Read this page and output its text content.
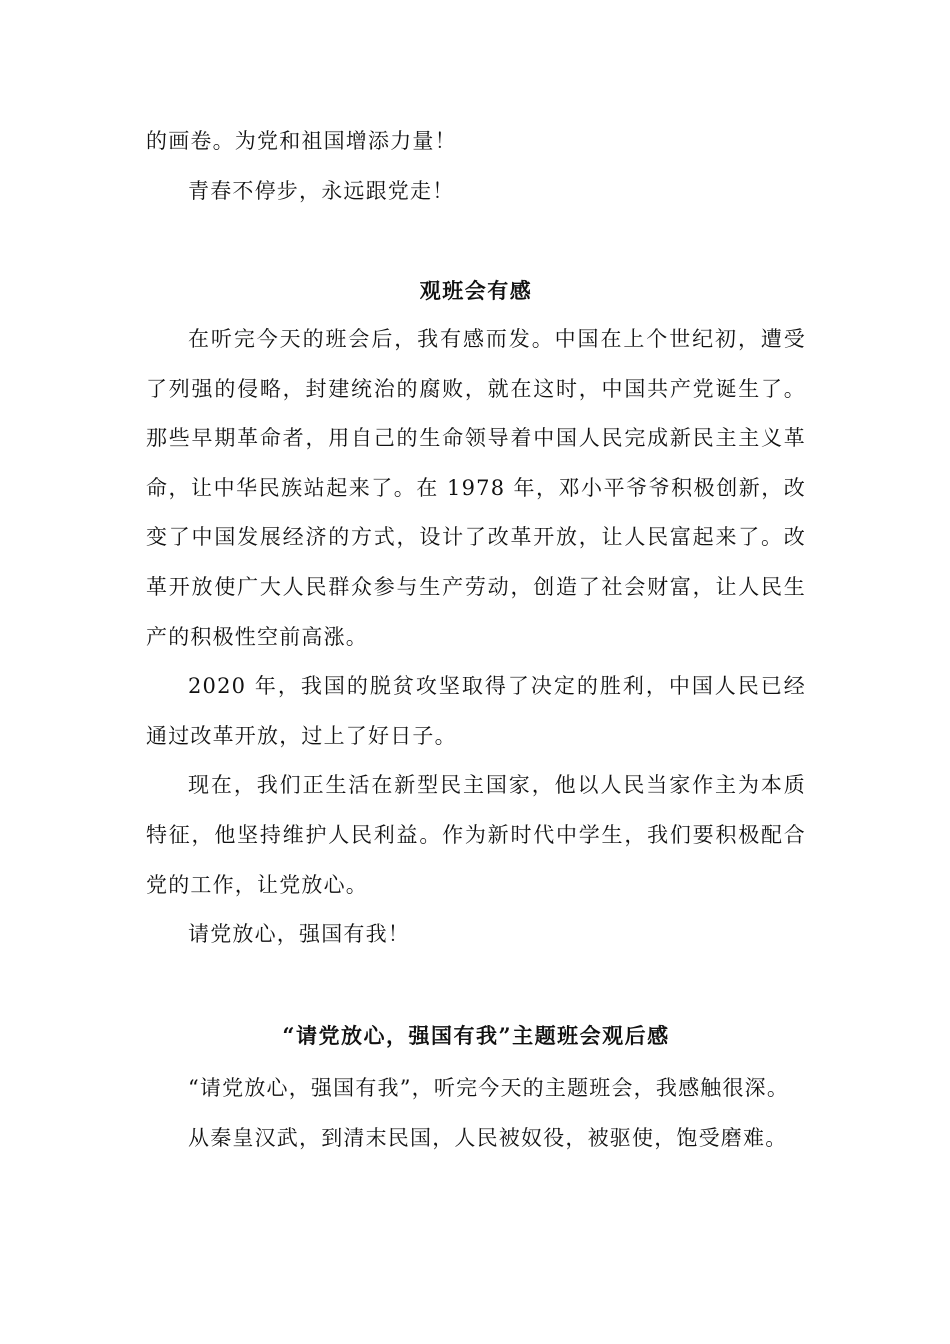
的画卷。为党和祖国增添力量！

青春不停步，永远跟党走！

观班会有感

在听完今天的班会后，我有感而发。中国在上个世纪初，遭受了列强的侵略，封建统治的腐败，就在这时，中国共产党诞生了。那些早期革命者，用自己的生命领导着中国人民完成新民主主义革命，让中华民族站起来了。在 1978 年，邓小平爷爷积极创新，改变了中国发展经济的方式，设计了改革开放，让人民富起来了。改革开放使广大人民群众参与生产劳动，创造了社会财富，让人民生产的积极性空前高涨。

2020 年，我国的脱贫攻坚取得了决定的胜利，中国人民已经通过改革开放，过上了好日子。

现在，我们正生活在新型民主国家，他以人民当家作主为本质特征，他坚持维护人民利益。作为新时代中学生，我们要积极配合党的工作，让党放心。

请党放心，强国有我！

“请党放心，强国有我”主题班会观后感

“请党放心，强国有我”，听完今天的主题班会，我感触很深。

从秦皇汉武，到清末民国，人民被奴役，被驱使，饱受磨难。
